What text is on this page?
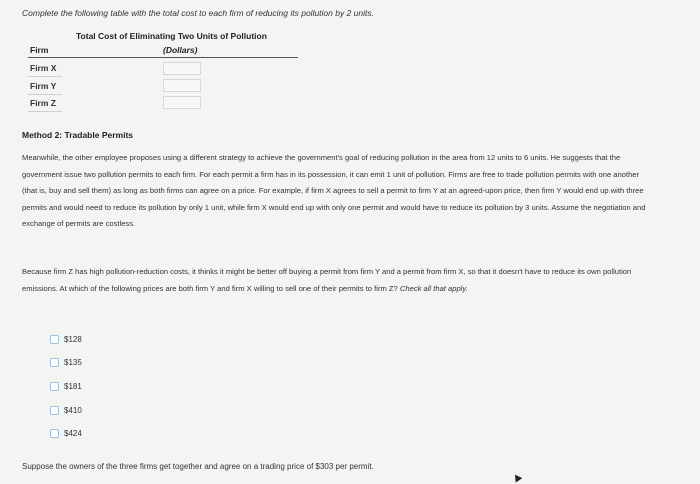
Complete the following table with the total cost to each firm of reducing its pollution by 2 units.
Total Cost of Eliminating Two Units of Pollution
Firm	(Dollars)
Firm X
Firm Y
Firm Z
Method 2: Tradable Permits

Meanwhile, the other employee proposes using a different strategy to achieve the government's goal of reducing pollution in the area from 12 units to 6 units. He suggests that the government issue two pollution permits to each firm. For each permit a firm has in its possession, it can emit 1 unit of pollution. Firms are free to trade pollution permits with one another (that is, buy and sell them) as long as both firms can agree on a price. For example, if firm X agrees to sell a permit to firm Y at an agreed-upon price, then firm Y would end up with three permits and would need to reduce its pollution by only 1 unit, while firm X would end up with only one permit and would have to reduce its pollution by 3 units. Assume the negotiation and exchange of permits are costless.

Because firm Z has high pollution-reduction costs, it thinks it might be better off buying a permit from firm Y and a permit from firm X, so that it doesn't have to reduce its own pollution emissions. At which of the following prices are both firm Y and firm X willing to sell one of their permits to firm Z? Check all that apply.

$128
$135
$181
$410
$424
Suppose the owners of the three firms get together and agree on a trading price of $303 per permit.
